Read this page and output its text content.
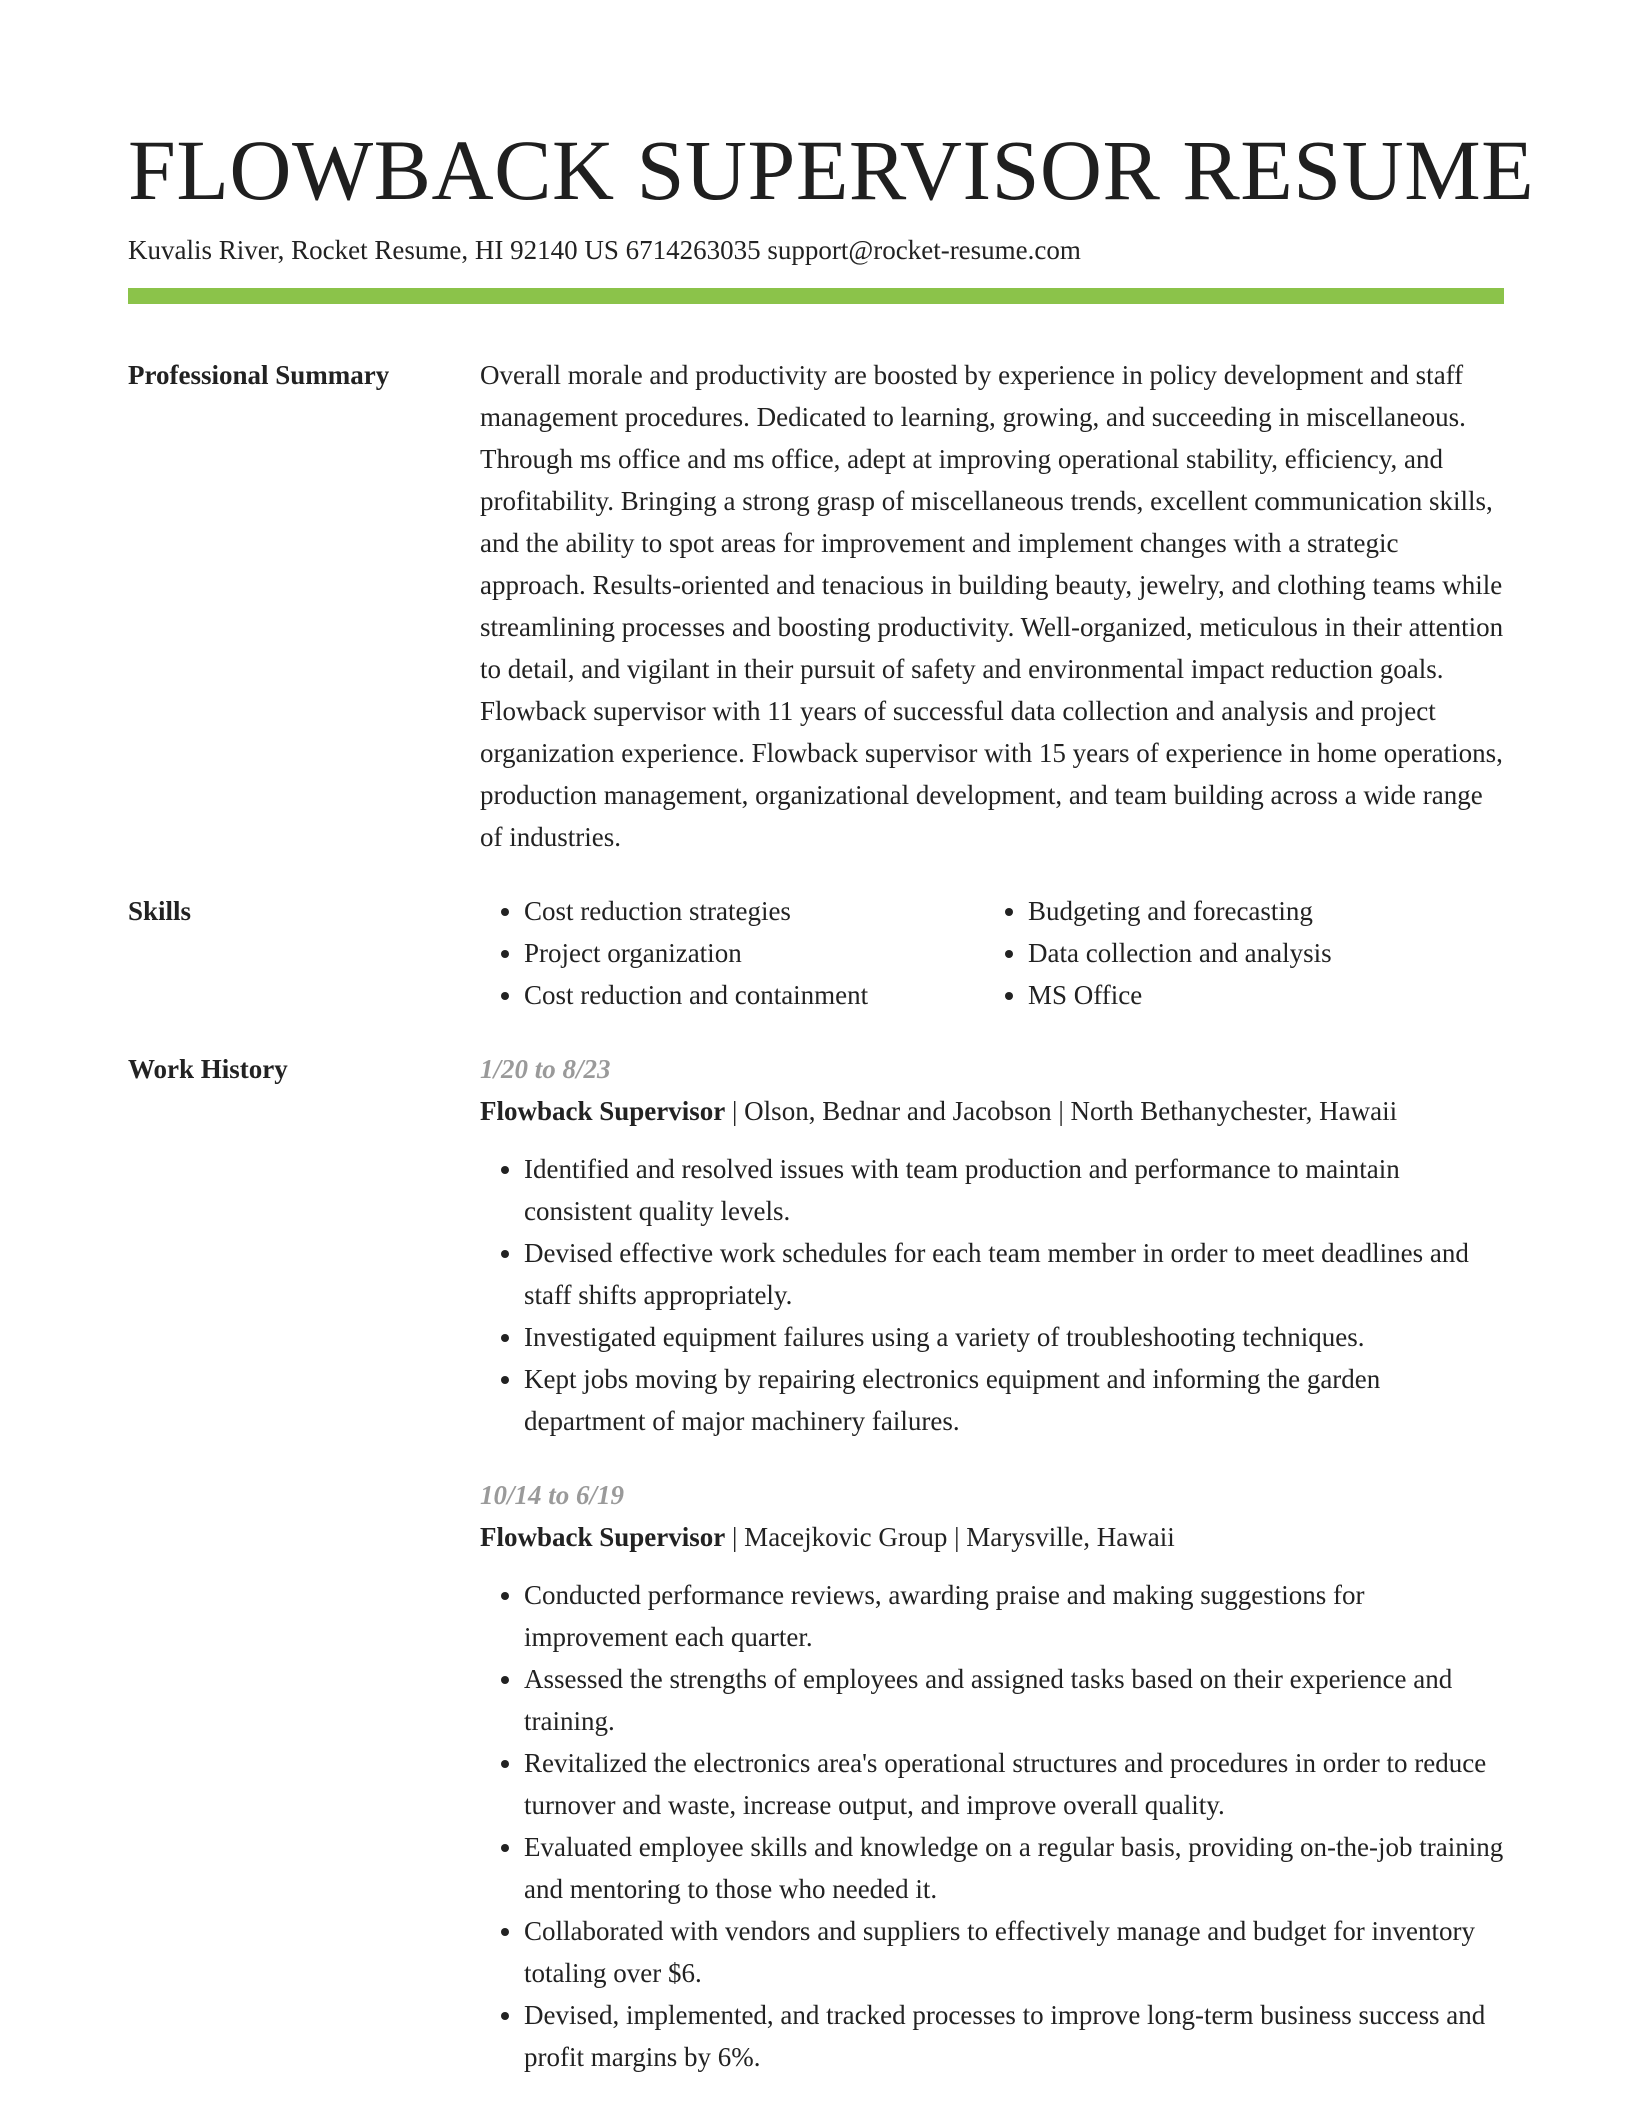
FLOWBACK SUPERVISOR RESUME
Kuvalis River, Rocket Resume, HI 92140 US 6714263035 support@rocket-resume.com
Professional Summary	Overall morale and productivity are boosted by experience in policy development and staff management procedures. Dedicated to learning, growing, and succeeding in miscellaneous. Through ms office and ms office, adept at improving operational stability, efficiency, and profitability. Bringing a strong grasp of miscellaneous trends, excellent communication skills, and the ability to spot areas for improvement and implement changes with a strategic approach. Results-oriented and tenacious in building beauty, jewelry, and clothing teams while streamlining processes and boosting productivity. Well-organized, meticulous in their attention to detail, and vigilant in their pursuit of safety and environmental impact reduction goals. Flowback supervisor with 11 years of successful data collection and analysis and project organization experience. Flowback supervisor with 15 years of experience in home operations, production management, organizational development, and team building across a wide range of industries.
Skills
•	Cost reduction strategies
• Project organization
• Cost reduction and containment
• Budgeting and forecasting
• Data collection and analysis
• MS Office
Work History	1/20 to 8/23
Flowback Supervisor | Olson, Bednar and Jacobson | North Bethanychester, Hawaii
• Identified and resolved issues with team production and performance to maintain consistent quality levels.
• Devised effective work schedules for each team member in order to meet deadlines and staff shifts appropriately.
• Investigated equipment failures using a variety of troubleshooting techniques.
• Kept jobs moving by repairing electronics equipment and informing the garden department of major machinery failures.
10/14 to 6/19
Flowback Supervisor | Macejkovic Group | Marysville, Hawaii
• Conducted performance reviews, awarding praise and making suggestions for improvement each quarter.
• Assessed the strengths of employees and assigned tasks based on their experience and training.
• Revitalized the electronics area's operational structures and procedures in order to reduce turnover and waste, increase output, and improve overall quality.
• Evaluated employee skills and knowledge on a regular basis, providing on-the-job training and mentoring to those who needed it.
• Collaborated with vendors and suppliers to effectively manage and budget for inventory totaling over $6.
• Devised, implemented, and tracked processes to improve long-term business success and profit margins by 6%.
